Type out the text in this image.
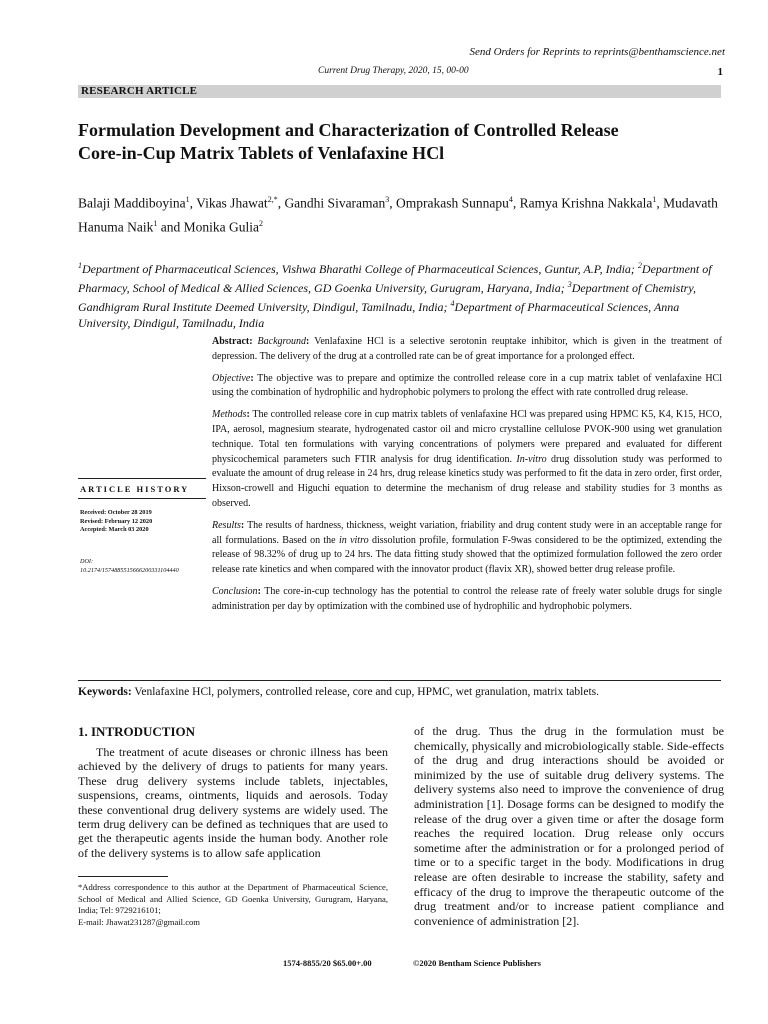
Send Orders for Reprints to reprints@benthamscience.net
Current Drug Therapy, 2020, 15, 00-00	1
RESEARCH ARTICLE
Formulation Development and Characterization of Controlled Release
Core-in-Cup Matrix Tablets of Venlafaxine HCl
Balaji Maddiboyina$^1$, Vikas Jhawat$^{2,*}$, Gandhi Sivaraman$^3$, Omprakash Sunnapu$^4$, Ramya Krishna Nakkala$^1$, Mudavath Hanuma Naik$^1$ and Monika Gulia$^2$
$^1$Department of Pharmaceutical Sciences, Vishwa Bharathi College of Pharmaceutical Sciences, Guntur, A.P, India; $^2$Department of Pharmacy, School of Medical & Allied Sciences, GD Goenka University, Gurugram, Haryana, India; $^3$Department of Chemistry, Gandhigram Rural Institute Deemed University, Dindigul, Tamilnadu, India; $^4$Department of Pharmaceutical Sciences, Anna University, Dindigul, Tamilnadu, India
ARTICLE HISTORY
Received: October 28 2019
Revised: February 12 2020
Accepted: March 03 2020
DOI:
10.2174/1574885515666200331104440

Abstract: Background: Venlafaxine HCl is a selective serotonin reuptake inhibitor, which is given in the treatment of depression. The delivery of the drug at a controlled rate can be of great importance for a prolonged effect.

Objective: The objective was to prepare and optimize the controlled release core in a cup matrix tablet of venlafaxine HCl using the combination of hydrophilic and hydrophobic polymers to prolong the effect with rate controlled drug release.

Methods: The controlled release core in cup matrix tablets of venlafaxine HCl was prepared using HPMC K5, K4, K15, HCO, IPA, aerosol, magnesium stearate, hydrogenated castor oil and micro crystalline cellulose PVOK-900 using wet granulation technique. Total ten formulations with varying concentrations of polymers were prepared and evaluated for different physicochemical parameters such FTIR analysis for drug identification. In-vitro drug dissolution study was performed to evaluate the amount of drug release in 24 hrs, drug release kinetics study was performed to fit the data in zero order, first order, Hixson-crowell and Higuchi equation to determine the mechanism of drug release and stability studies for 3 months as observed.

Results: The results of hardness, thickness, weight variation, friability and drug content study were in an acceptable range for all formulations. Based on the in vitro dissolution profile, formulation F-9was considered to be the optimized, extending the release of 98.32% of drug up to 24 hrs. The data fitting study showed that the optimized formulation followed the zero order release rate kinetics and when compared with the innovator product (flavix XR), showed better drug release profile.

Conclusion: The core-in-cup technology has the potential to control the release rate of freely water soluble drugs for single administration per day by optimization with the combined use of hydrophilic and hydrophobic polymers.

Keywords: Venlafaxine HCl, polymers, controlled release, core and cup, HPMC, wet granulation, matrix tablets.
1. INTRODUCTION
The treatment of acute diseases or chronic illness has been achieved by the delivery of drugs to patients for many years. These drug delivery systems include tablets, injectables, suspensions, creams, ointments, liquids and aerosols. Today these conventional drug delivery systems are widely used. The term drug delivery can be defined as techniques that are used to get the therapeutic agents inside the human body. Another role of the delivery systems is to allow safe application
of the drug. Thus the drug in the formulation must be chemically, physically and microbiologically stable. Side-effects of the drug and drug interactions should be avoided or minimized by the use of suitable drug delivery systems. The delivery systems also need to improve the convenience of drug administration [1]. Dosage forms can be designed to modify the release of the drug over a given time or after the dosage form reaches the required location. Drug release only occurs sometime after the administration or for a prolonged period of time or to a specific target in the body. Modifications in drug release are often desirable to increase the stability, safety and efficacy of the drug to improve the therapeutic outcome of the drug treatment and/or to increase patient compliance and convenience of administration [2].
*Address correspondence to this author at the Department of Pharmaceutical Science, School of Medical and Allied Science, GD Goenka University, Gurugram, Haryana, India; Tel: 9729216101;
E-mail: Jhawat231287@gmail.com
1574-8855/20 $65.00+.00	©2020 Bentham Science Publishers
